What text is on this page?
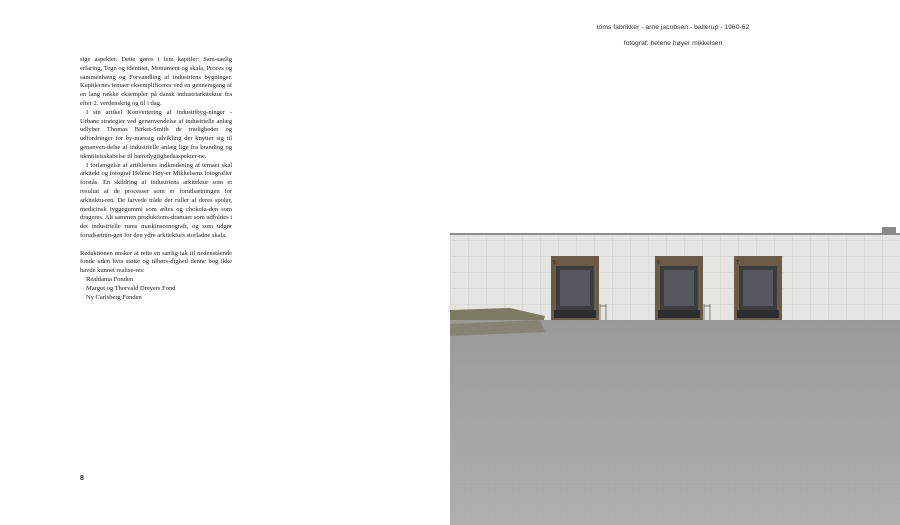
sige aspekter. Dette gøres i fem kapitler: Sam-saelig erfaring, Tegn og identitet, Monument og skala, Proces og sammenhæng og Forvandling af industriens bygninger. Kapitlernes temaer eksemplificeres ved en gennemgang af en lang række eksempler på dansk industriarkitektur fra efter 2. verdenskrig og til i dag.

I sin artikel Konvertering af industribyg-ninger - Urbane strategier ved genanvendelse af industrielle anlæg udlyber Thomas Birket-Smith de muligheder og udfordringer for by-mæssig udvikling der knytter sig til genanven-delse af industrielle anlæg lige fra branding og identitetsskabelse til bæredygtighedsaspekter-ne.

I forlængelse af artiklernes indkredsning af temaet skal arkitekt og fotograf Helene Høy-er Mikkelsens fotografier forstås. En skildring af industriens arkitektur som et resultat af de processer som er forudsætningen for arkitektu-ren. De farvede tråde der ruller af deres spoler, medicinsk tyggegummi som æltes og chokola-den som drageres. Alt sammen produktions-dramaer som udfoldes i det industrielle rums maskinscenografi, og som udgør forudsætnin-gen for den ydre arkitekturs storladne skala.

Redaktionen ønsker at rette en særlig tak til nedenstående fonde uden hvis støtte og tilhørs-dighed denne bog ikke havde kunnet realise-res:

Realdania Fonden
Margot og Thorvald Dreyers Fond
Ny Carlsberg Fonden
8
toms fabrikker - arne jacobsen - ballerup - 1960-62
fotograf: helene høyer mikkelsen
5	6	7
